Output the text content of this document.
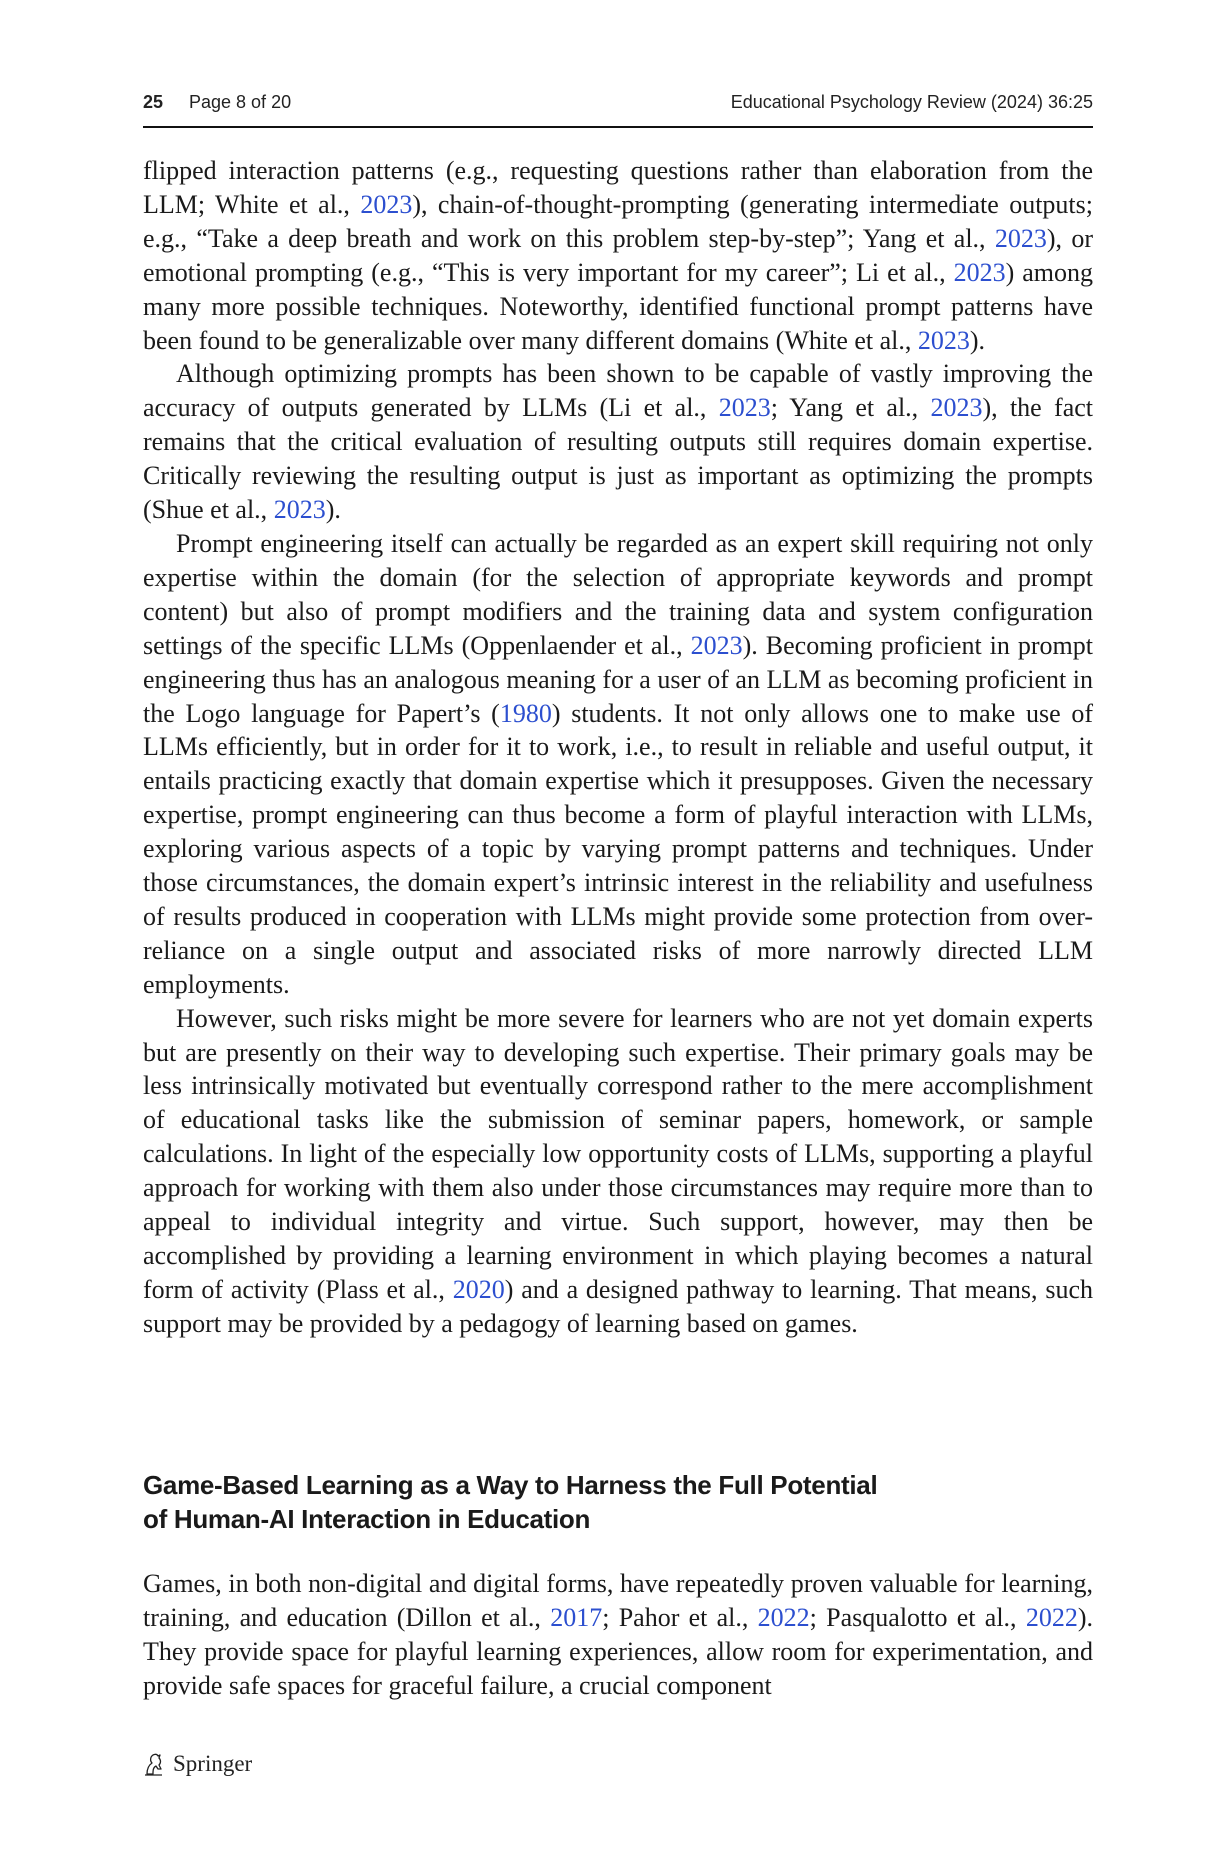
25 Page 8 of 20	Educational Psychology Review (2024) 36:25

flipped interaction patterns (e.g., requesting questions rather than elaboration from the LLM; White et al., 2023), chain-of-thought-prompting (generating intermediate outputs; e.g., “Take a deep breath and work on this problem step-by-step”; Yang et al., 2023), or emotional prompting (e.g., “This is very important for my career”; Li et al., 2023) among many more possible techniques. Noteworthy, identified functional prompt patterns have been found to be generalizable over many different domains (White et al., 2023).

Although optimizing prompts has been shown to be capable of vastly improving the accuracy of outputs generated by LLMs (Li et al., 2023; Yang et al., 2023), the fact remains that the critical evaluation of resulting outputs still requires domain expertise. Critically reviewing the resulting output is just as important as optimizing the prompts (Shue et al., 2023).

Prompt engineering itself can actually be regarded as an expert skill requiring not only expertise within the domain (for the selection of appropriate keywords and prompt content) but also of prompt modifiers and the training data and system configuration settings of the specific LLMs (Oppenlaender et al., 2023). Becoming proficient in prompt engineering thus has an analogous meaning for a user of an LLM as becoming proficient in the Logo language for Papert’s (1980) students. It not only allows one to make use of LLMs efficiently, but in order for it to work, i.e., to result in reliable and useful output, it entails practicing exactly that domain expertise which it presupposes. Given the necessary expertise, prompt engineering can thus become a form of playful interaction with LLMs, exploring various aspects of a topic by varying prompt patterns and techniques. Under those circumstances, the domain expert’s intrinsic interest in the reliability and usefulness of results produced in cooperation with LLMs might provide some protection from over-reliance on a single output and associated risks of more narrowly directed LLM employments.

However, such risks might be more severe for learners who are not yet domain experts but are presently on their way to developing such expertise. Their primary goals may be less intrinsically motivated but eventually correspond rather to the mere accomplishment of educational tasks like the submission of seminar papers, homework, or sample calculations. In light of the especially low opportunity costs of LLMs, supporting a playful approach for working with them also under those circumstances may require more than to appeal to individual integrity and virtue. Such support, however, may then be accomplished by providing a learning environment in which playing becomes a natural form of activity (Plass et al., 2020) and a designed pathway to learning. That means, such support may be provided by a pedagogy of learning based on games.

Game-Based Learning as a Way to Harness the Full Potential
of Human-AI Interaction in Education

Games, in both non-digital and digital forms, have repeatedly proven valuable for learning, training, and education (Dillon et al., 2017; Pahor et al., 2022; Pasqualotto et al., 2022). They provide space for playful learning experiences, allow room for experimentation, and provide safe spaces for graceful failure, a crucial component

Springer
